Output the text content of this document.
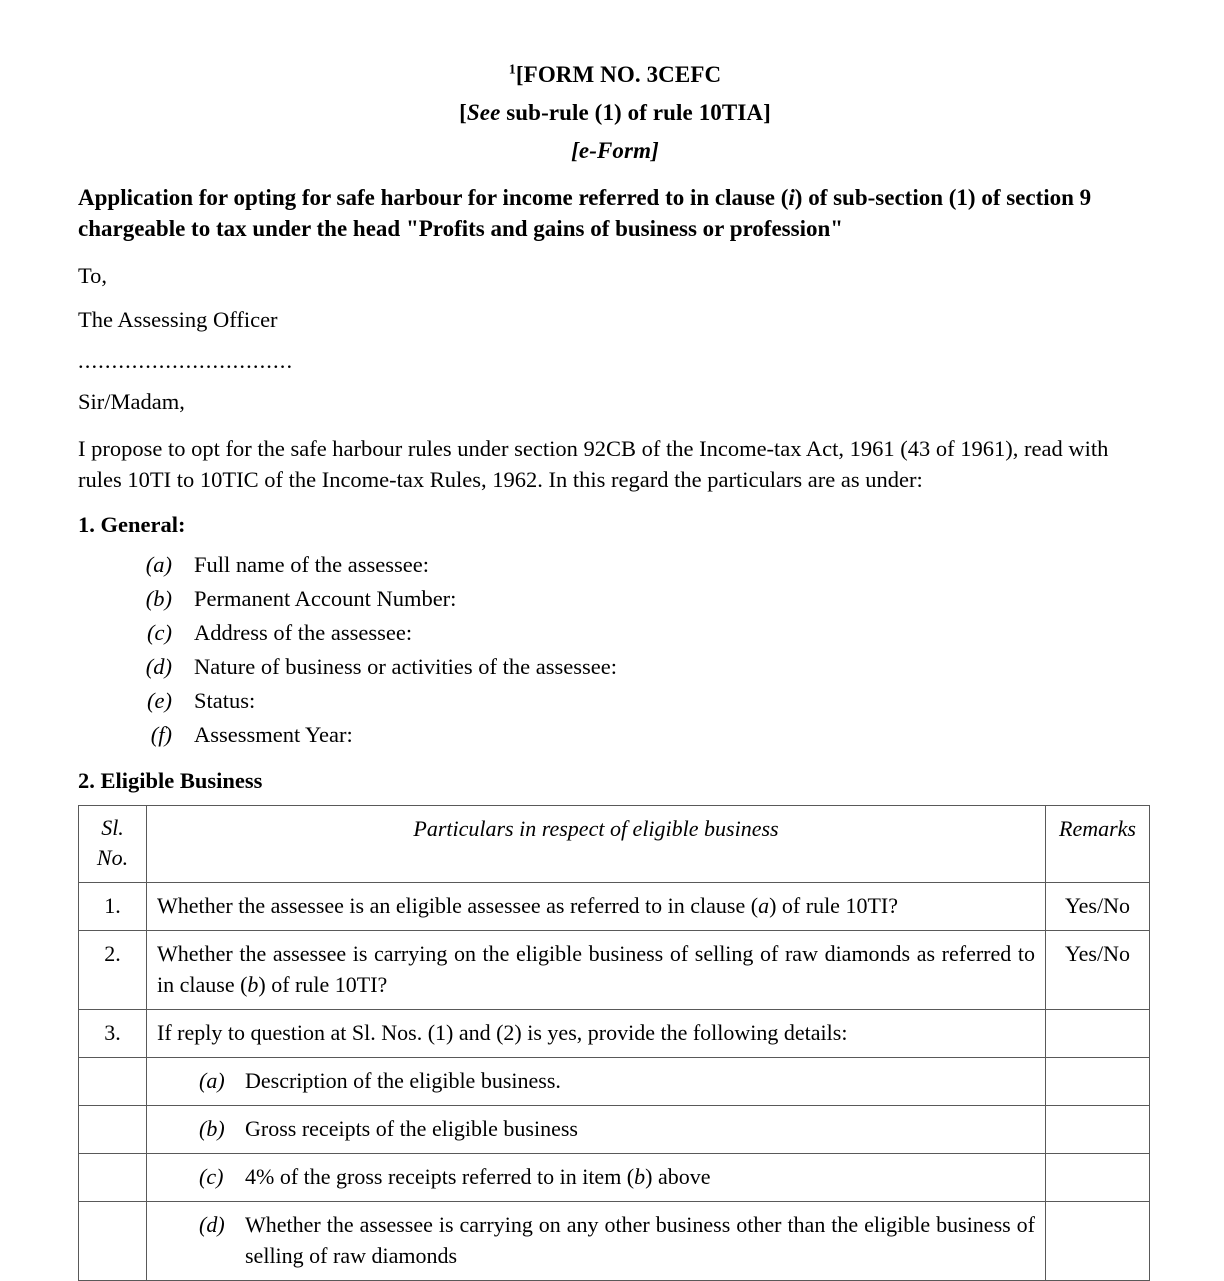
$^1$[FORM NO. 3CEFC
[See sub-rule (1) of rule 10TIA]
[e-Form]
Application for opting for safe harbour for income referred to in clause (i) of sub-section (1) of section 9 chargeable to tax under the head "Profits and gains of business or profession"
To,
The Assessing Officer
................................
Sir/Madam,
I propose to opt for the safe harbour rules under section 92CB of the Income-tax Act, 1961 (43 of 1961), read with rules 10TI to 10TIC of the Income-tax Rules, 1962. In this regard the particulars are as under:
1. General:
(a) Full name of the assessee:
(b) Permanent Account Number:
(c) Address of the assessee:
(d) Nature of business or activities of the assessee:
(e) Status:
(f) Assessment Year:
2. Eligible Business
Sl.
No.	Particulars in respect of eligible business	Remarks
1.	Whether the assessee is an eligible assessee as referred to in clause (a) of rule 10TI?	Yes/No
2.	Whether the assessee is carrying on the eligible business of selling of raw diamonds as referred to in clause (b) of rule 10TI?	Yes/No
3.	If reply to question at Sl. Nos. (1) and (2) is yes, provide the following details:	

	(a) Description of the eligible business.	

	(b) Gross receipts of the eligible business	

	(c) 4% of the gross receipts referred to in item (b) above	

	(d) Whether the assessee is carrying on any other business other than the eligible business of selling of raw diamonds	
